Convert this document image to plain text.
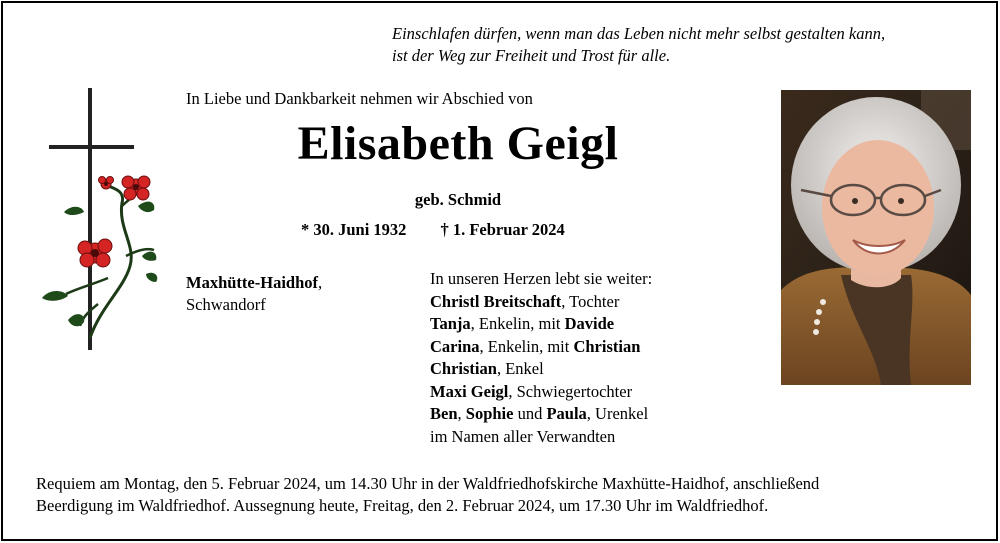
Einschlafen dürfen, wenn man das Leben nicht mehr selbst gestalten kann,
ist der Weg zur Freiheit und Trost für alle.
In Liebe und Dankbarkeit nehmen wir Abschied von
Elisabeth Geigl
geb. Schmid
* 30. Juni 1932 † 1. Februar 2024
Maxhütte-Haidhof,
Schwandorf
In unseren Herzen lebt sie weiter:
Christl Breitschaft, Tochter
Tanja, Enkelin, mit Davide
Carina, Enkelin, mit Christian
Christian, Enkel
Maxi Geigl, Schwiegertochter
Ben, Sophie und Paula, Urenkel
im Namen aller Verwandten
Requiem am Montag, den 5. Februar 2024, um 14.30 Uhr in der Waldfriedhofskirche Maxhütte-Haidhof, anschließend
Beerdigung im Waldfriedhof. Aussegnung heute, Freitag, den 2. Februar 2024, um 17.30 Uhr im Waldfriedhof.
